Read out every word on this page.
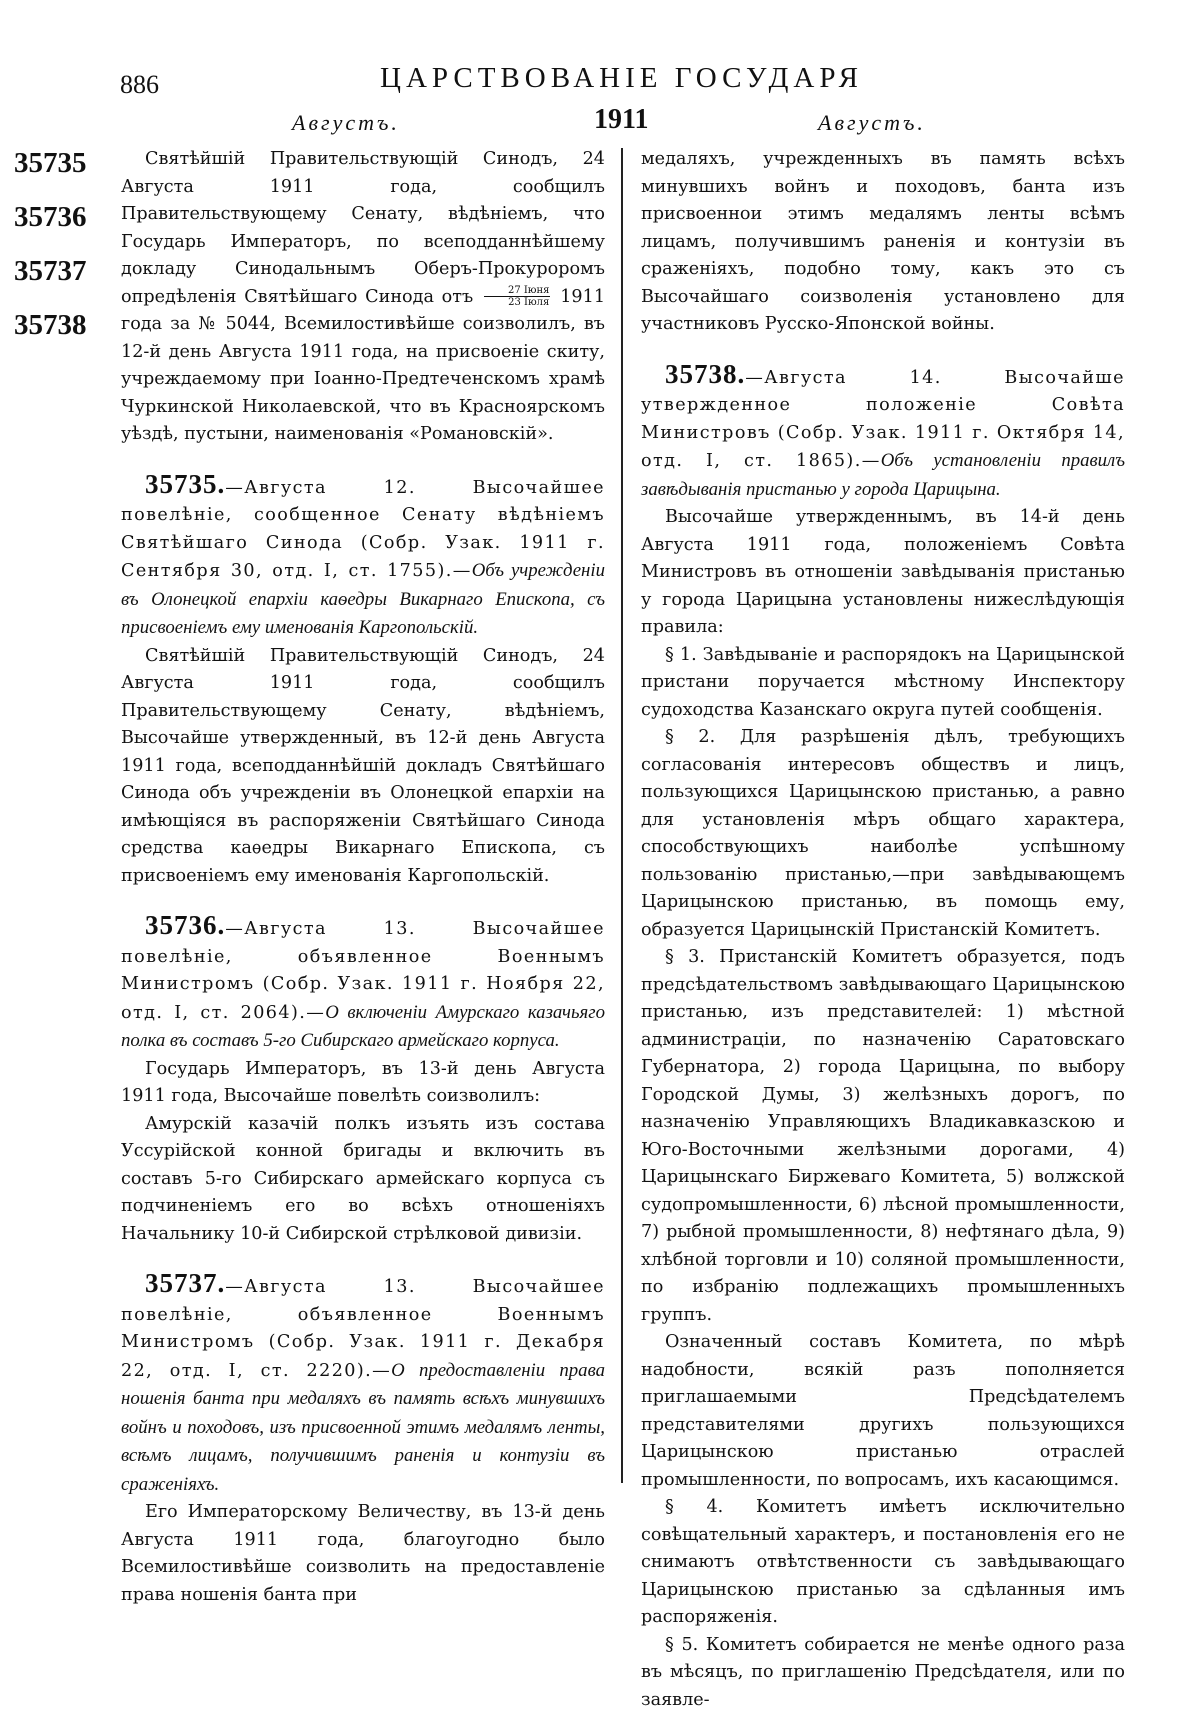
886	ЦАРСТВОВАНІЕ ГОСУДАРЯ
Августъ.	1911	Августъ.
35735
35736
35737
35738

Святѣйшій Правительствующій Синодъ, 24 Августа 1911 года, сообщилъ Правительствующему Сенату, вѣдѣніемъ, что Государь Императоръ, по всеподданнѣйшему докладу Синодальнымъ Оберъ-Прокуроромъ опредѣленія Святѣйшаго Синода отъ $\frac{\text{27 Іюня}}{\text{23 Іюля}} 1911$ года за № 5044, Всемилостивѣйше соизволилъ, въ 12-й день Августа 1911 года, на присвоеніе скиту, учреждаемому при Іоанно-Предтеченскомъ храмѣ Чуркинской Николаевской, что въ Красноярскомъ уѣздѣ, пустыни, наименованія «Романовскій».

35735.—Августа 12. Высочайшее повелѣніе, сообщенное Сенату вѣдѣніемъ Святѣйшаго Синода (Собр. Узак. 1911 г. Сентября 30, отд. I, ст. 1755).—Объ учрежденіи въ Олонецкой епархіи каѳедры Викарнаго Епископа, съ присвоеніемъ ему именованія Каргопольскій.

Святѣйшій Правительствующій Синодъ, 24 Августа 1911 года, сообщилъ Правительствующему Сенату, вѣдѣніемъ, Высочайше утвержденный, въ 12-й день Августа 1911 года, всеподданнѣйшій докладъ Святѣйшаго Синода объ учрежденіи въ Олонецкой епархіи на имѣющіяся въ распоряженіи Святѣйшаго Синода средства каѳедры Викарнаго Епископа, съ присвоеніемъ ему именованія Каргопольскій.

35736.—Августа 13. Высочайшее повелѣніе, объявленное Военнымъ Министромъ (Собр. Узак. 1911 г. Ноября 22, отд. I, ст. 2064).—О включеніи Амурскаго казачьяго полка въ составъ 5-го Сибирскаго армейскаго корпуса.

Государь Императоръ, въ 13-й день Августа 1911 года, Высочайше повелѣть соизволилъ:

Амурскій казачій полкъ изъять изъ состава Уссурійской конной бригады и включить въ составъ 5-го Сибирскаго армейскаго корпуса съ подчиненіемъ его во всѣхъ отношеніяхъ Начальнику 10-й Сибирской стрѣлковой дивизіи.

35737.—Августа 13. Высочайшее повелѣніе, объявленное Военнымъ Министромъ (Собр. Узак. 1911 г. Декабря 22, отд. I, ст. 2220).—О предоставленіи права ношенія банта при медаляхъ въ память всѣхъ минувшихъ войнъ и походовъ, изъ присвоенной этимъ медалямъ ленты, всѣмъ лицамъ, получившимъ раненія и контузіи въ сраженіяхъ.

Его Императорскому Величеству, въ 13-й день Августа 1911 года, благоугодно было Всемилостивѣйше соизволить на предоставленіе права ношенія банта при

медаляхъ, учрежденныхъ въ память всѣхъ минувшихъ войнъ и походовъ, банта изъ присвоеннои этимъ медалямъ ленты всѣмъ лицамъ, получившимъ раненія и контузіи въ сраженіяхъ, подобно тому, какъ это съ Высочайшаго соизволенія установлено для участниковъ Русско-Японской войны.

35738.—Августа 14. Высочайше утвержденное положеніе Совѣта Министровъ (Собр. Узак. 1911 г. Октября 14, отд. I, ст. 1865).—Объ установленіи правилъ завѣдыванія пристанью у города Царицына.

Высочайше утвержденнымъ, въ 14-й день Августа 1911 года, положеніемъ Совѣта Министровъ въ отношеніи завѣдыванія пристанью у города Царицына установлены нижеслѣдующія правила:

§ 1. Завѣдываніе и распорядокъ на Царицынской пристани поручается мѣстному Инспектору судоходства Казанскаго округа путей сообщенія.

§ 2. Для разрѣшенія дѣлъ, требующихъ согласованія интересовъ обществъ и лицъ, пользующихся Царицынскою пристанью, а равно для установленія мѣръ общаго характера, способствующихъ наиболѣе успѣшному пользованію пристанью,—при завѣдывающемъ Царицынскою пристанью, въ помощь ему, образуется Царицынскій Пристанскій Комитетъ.

§ 3. Пристанскій Комитетъ образуется, подъ предсѣдательствомъ завѣдывающаго Царицынскою пристанью, изъ представителей: 1) мѣстной администраціи, по назначенію Саратовскаго Губернатора, 2) города Царицына, по выбору Городской Думы, 3) желѣзныхъ дорогъ, по назначенію Управляющихъ Владикавказскою и Юго-Восточными желѣзными дорогами, 4) Царицынскаго Биржеваго Комитета, 5) волжской судопромышленности, 6) лѣсной промышленности, 7) рыбной промышленности, 8) нефтянаго дѣла, 9) хлѣбной торговли и 10) соляной промышленности, по избранію подлежащихъ промышленныхъ группъ.

Означенный составъ Комитета, по мѣрѣ надобности, всякій разъ пополняется приглашаемыми Предсѣдателемъ представителями другихъ пользующихся Царицынскою пристанью отраслей промышленности, по вопросамъ, ихъ касающимся.

§ 4. Комитетъ имѣетъ исключительно совѣщательный характеръ, и постановленія его не снимаютъ отвѣтственности съ завѣдывающаго Царицынскою пристанью за сдѣланныя имъ распоряженія.

§ 5. Комитетъ собирается не менѣе одного раза въ мѣсяцъ, по приглашенію Предсѣдателя, или по заявле-
